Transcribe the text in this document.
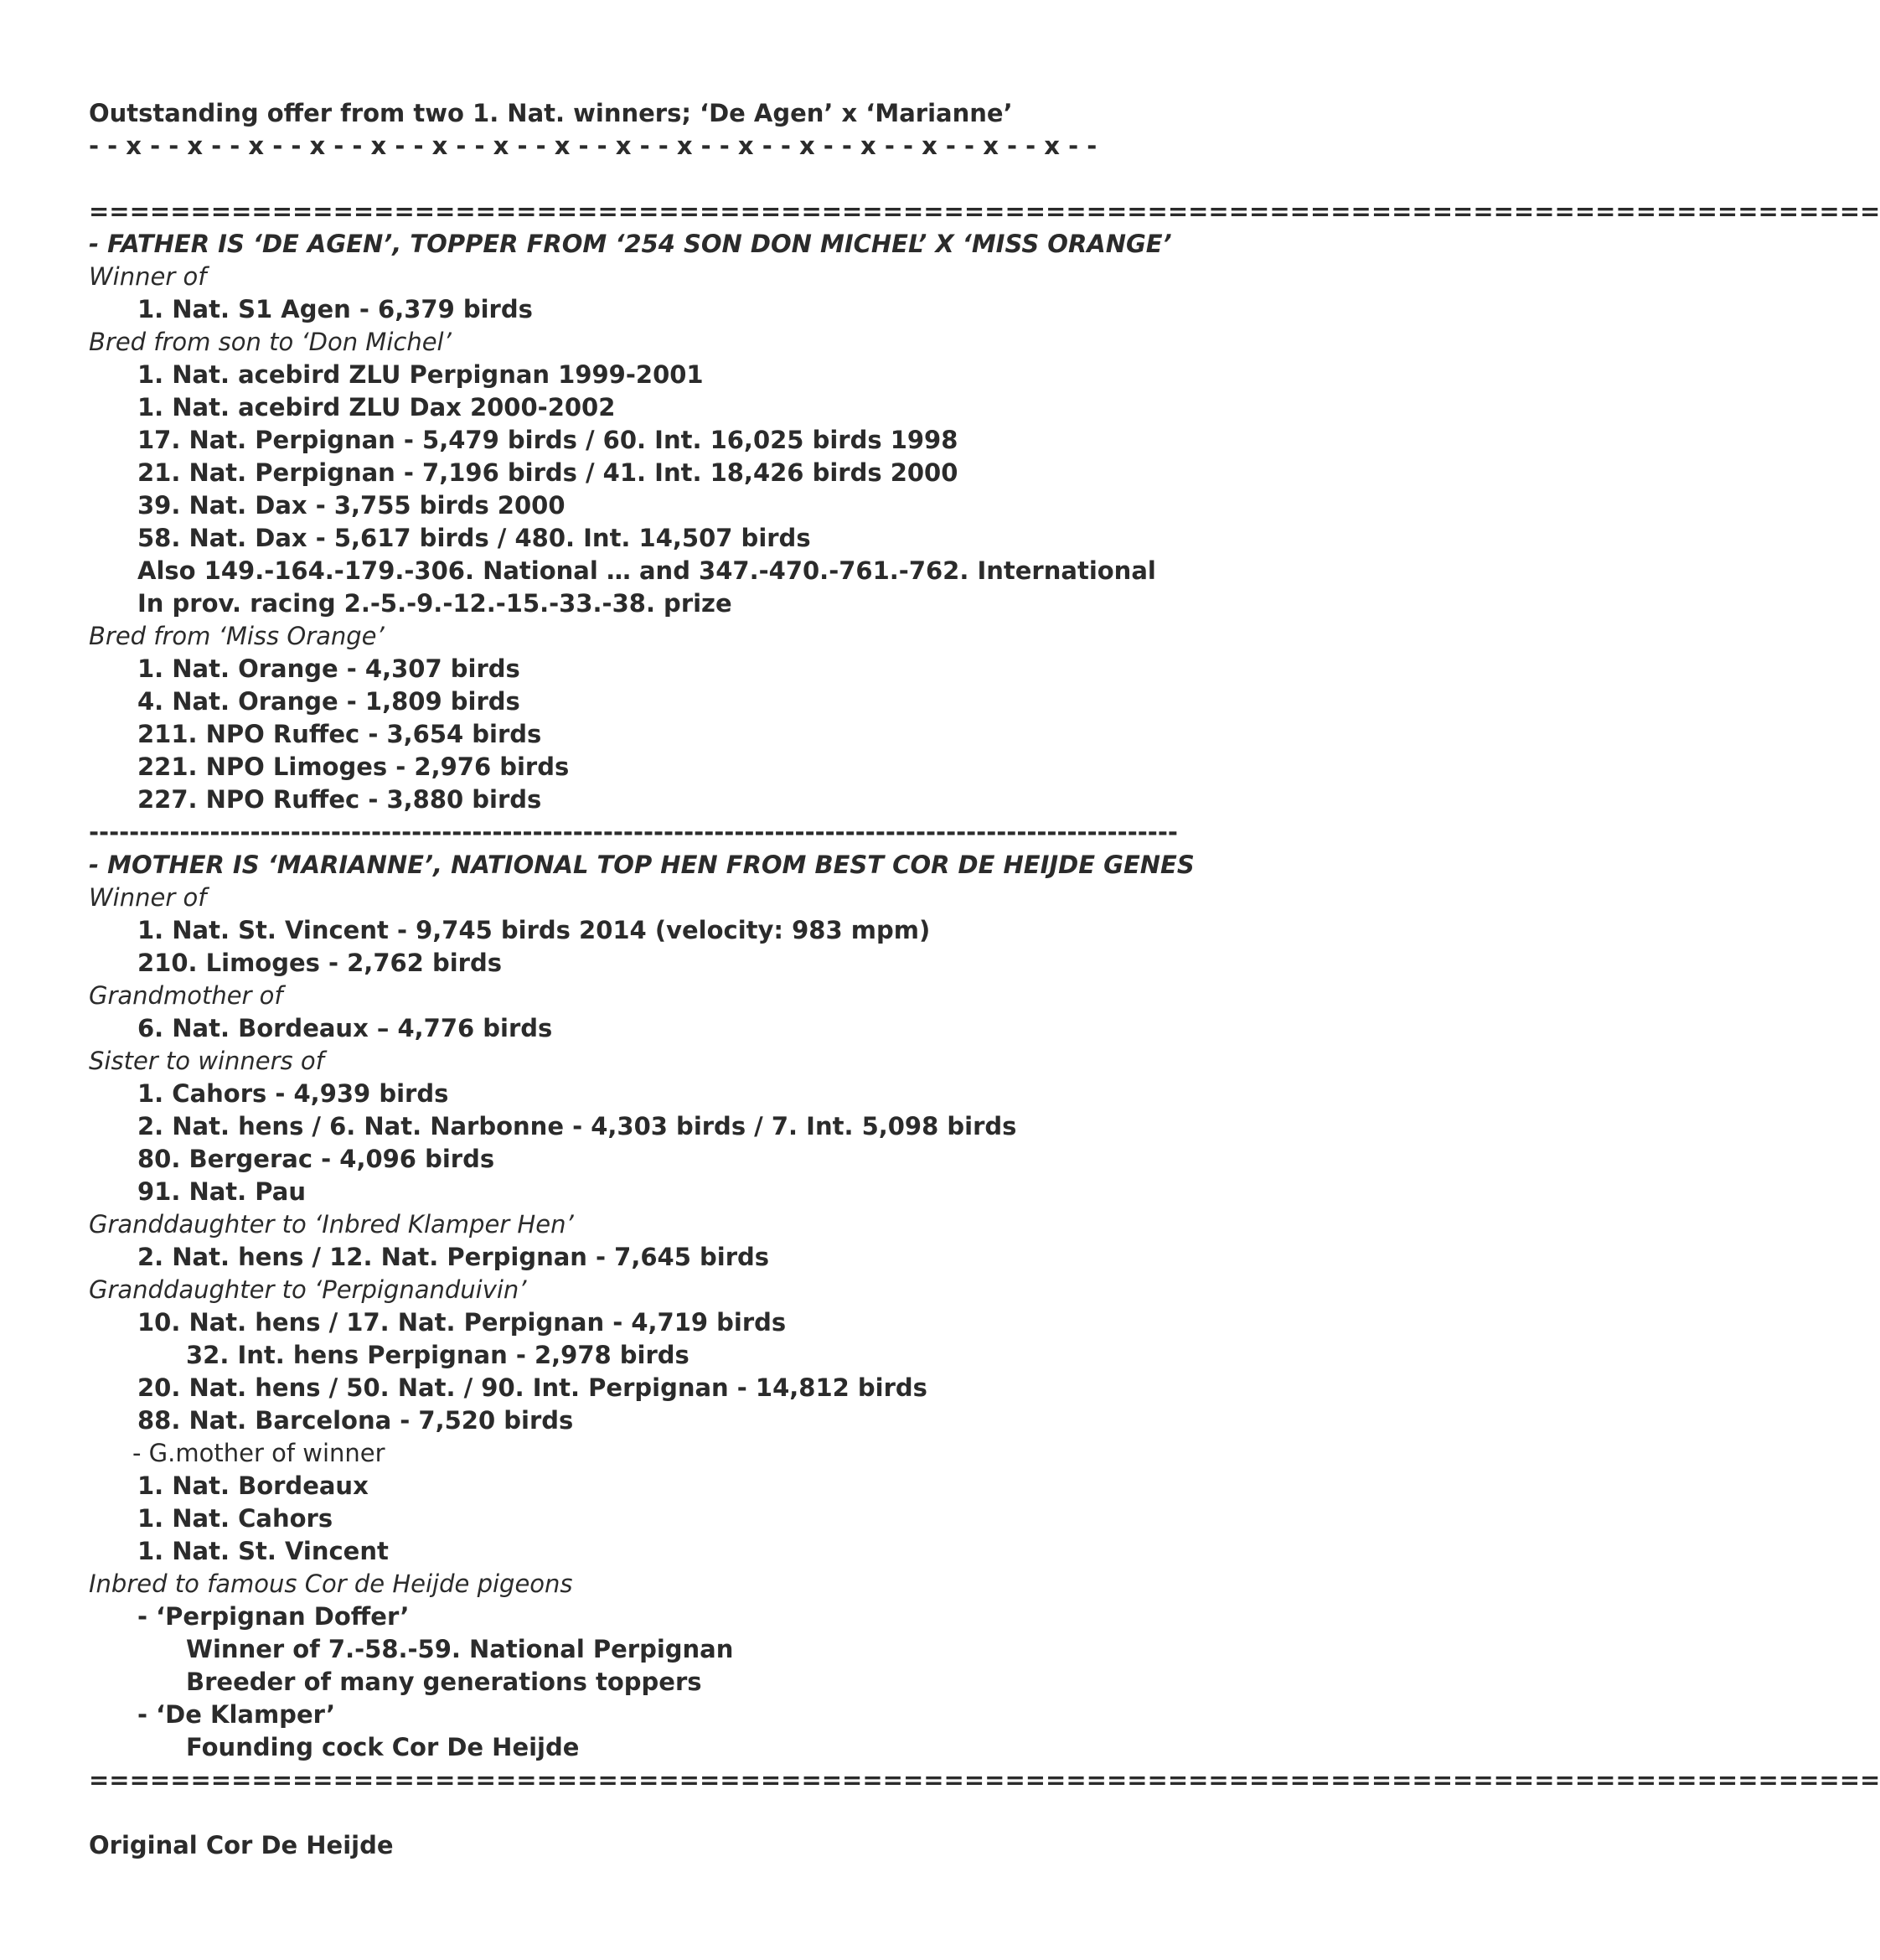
Outstanding offer from two 1. Nat. winners; ‘De Agen’ x ‘Marianne’
- - x - - x - - x - - x - - x - - x - - x - - x - - x - - x - - x - - x - - x - - x - - x - - x - -
========================================================================================
- FATHER IS ‘DE AGEN’, TOPPER FROM ‘254 SON DON MICHEL’ X ‘MISS ORANGE’
Winner of
1. Nat. S1 Agen - 6,379 birds
Bred from son to ‘Don Michel’
1. Nat. acebird ZLU Perpignan 1999-2001
1. Nat. acebird ZLU Dax 2000-2002
17. Nat. Perpignan - 5,479 birds / 60. Int. 16,025 birds 1998
21. Nat. Perpignan - 7,196 birds / 41. Int. 18,426 birds 2000
39. Nat. Dax - 3,755 birds 2000
58. Nat. Dax - 5,617 birds / 480. Int. 14,507 birds
Also 149.-164.-179.-306. National … and 347.-470.-761.-762. International
In prov. racing 2.-5.-9.-12.-15.-33.-38. prize
Bred from ‘Miss Orange’
1. Nat. Orange - 4,307 birds
4. Nat. Orange - 1,809 birds
211. NPO Ruffec - 3,654 birds
221. NPO Limoges - 2,976 birds
227. NPO Ruffec - 3,880 birds
------------------------------------------------------------------------------------------------------------
- MOTHER IS ‘MARIANNE’, NATIONAL TOP HEN FROM BEST COR DE HEIJDE GENES
Winner of
1. Nat. St. Vincent - 9,745 birds 2014 (velocity: 983 mpm)
210. Limoges - 2,762 birds
Grandmother of
6. Nat. Bordeaux – 4,776 birds
Sister to winners of
1. Cahors - 4,939 birds
2. Nat. hens / 6. Nat. Narbonne - 4,303 birds / 7. Int. 5,098 birds
80. Bergerac - 4,096 birds
91. Nat. Pau
Granddaughter to ‘Inbred Klamper Hen’
2. Nat. hens / 12. Nat. Perpignan - 7,645 birds
Granddaughter to ‘Perpignanduivin’
10. Nat. hens / 17. Nat. Perpignan - 4,719 birds
32. Int. hens Perpignan - 2,978 birds
20. Nat. hens / 50. Nat. / 90. Int. Perpignan - 14,812 birds
88. Nat. Barcelona - 7,520 birds
- G.mother of winner
1. Nat. Bordeaux
1. Nat. Cahors
1. Nat. St. Vincent
Inbred to famous Cor de Heijde pigeons
- ‘Perpignan Doffer’
Winner of 7.-58.-59. National Perpignan
Breeder of many generations toppers
- ‘De Klamper’
Founding cock Cor De Heijde
========================================================================================
Original Cor De Heijde
